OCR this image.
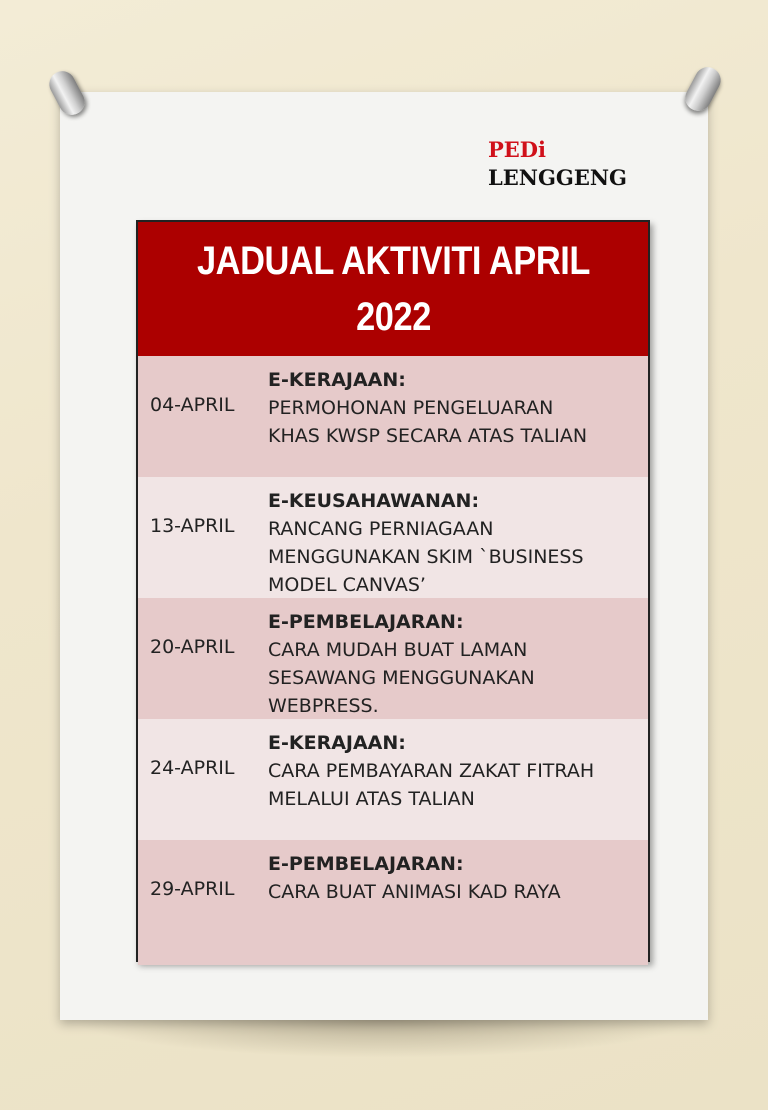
PEDi
LENGGENG
JADUAL AKTIVITI APRIL
2022
04-APRIL
E-KERAJAAN:
PERMOHONAN PENGELUARAN
KHAS KWSP SECARA ATAS TALIAN
13-APRIL
E-KEUSAHAWANAN:
RANCANG PERNIAGAAN
MENGGUNAKAN SKIM `BUSINESS
MODEL CANVAS’
20-APRIL
E-PEMBELAJARAN:
CARA MUDAH BUAT LAMAN
SESAWANG MENGGUNAKAN
WEBPRESS.
24-APRIL
E-KERAJAAN:
CARA PEMBAYARAN ZAKAT FITRAH
MELALUI ATAS TALIAN
29-APRIL
E-PEMBELAJARAN:
CARA BUAT ANIMASI KAD RAYA
